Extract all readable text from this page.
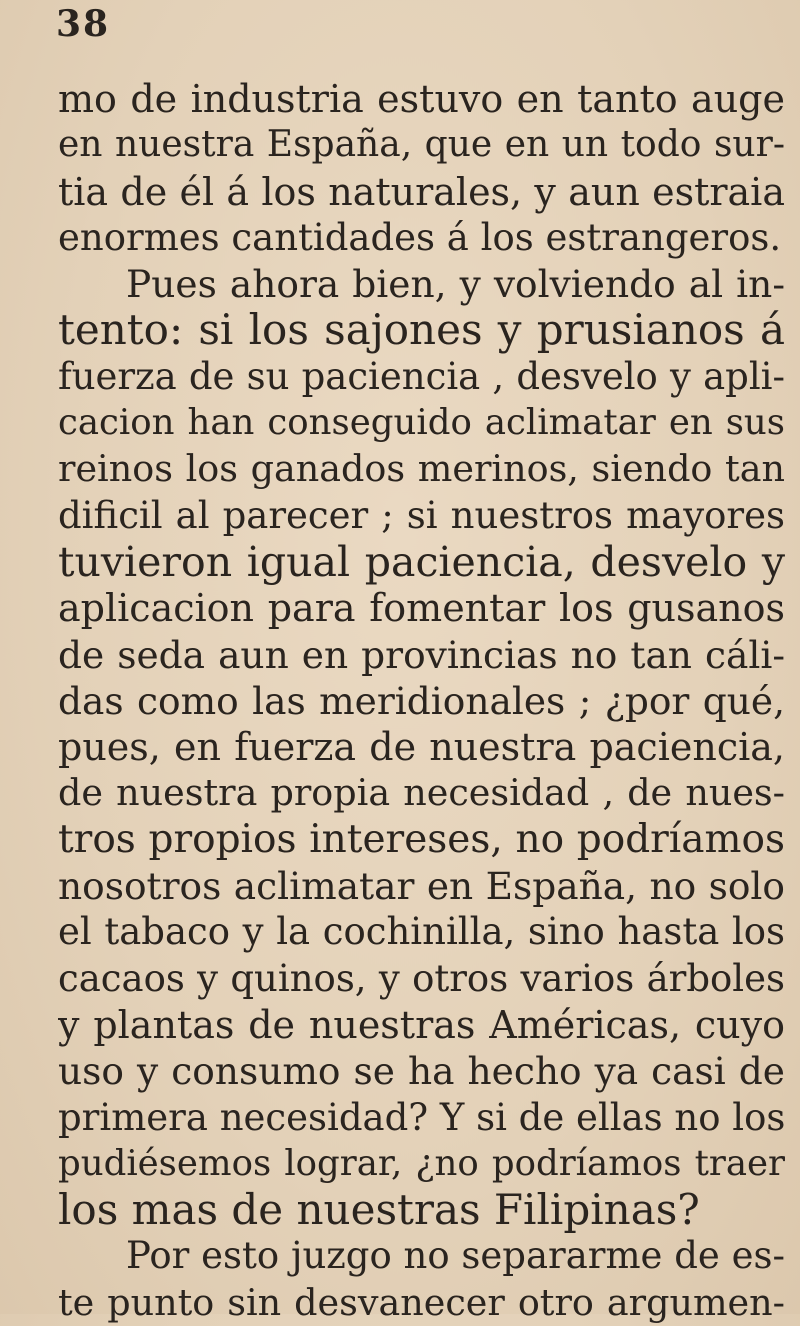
38
mo de industria estuvo en tanto auge
en nuestra España, que en un todo sur-
tia de él á los naturales, y aun estraia
enormes cantidades á los estrangeros.
Pues ahora bien, y volviendo al in-
tento: si los sajones y prusianos á
fuerza de su paciencia , desvelo y apli-
cacion han conseguido aclimatar en sus
reinos los ganados merinos, siendo tan
dificil al parecer ; si nuestros mayores
tuvieron igual paciencia, desvelo y
aplicacion para fomentar los gusanos
de seda aun en provincias no tan cáli-
das como las meridionales ; ¿por qué,
pues, en fuerza de nuestra paciencia,
de nuestra propia necesidad , de nues-
tros propios intereses, no podríamos
nosotros aclimatar en España, no solo
el tabaco y la cochinilla, sino hasta los
cacaos y quinos, y otros varios árboles
y plantas de nuestras Américas, cuyo
uso y consumo se ha hecho ya casi de
primera necesidad? Y si de ellas no los
pudiésemos lograr, ¿no podríamos traer
los mas de nuestras Filipinas?
Por esto juzgo no separarme de es-
te punto sin desvanecer otro argumen-
